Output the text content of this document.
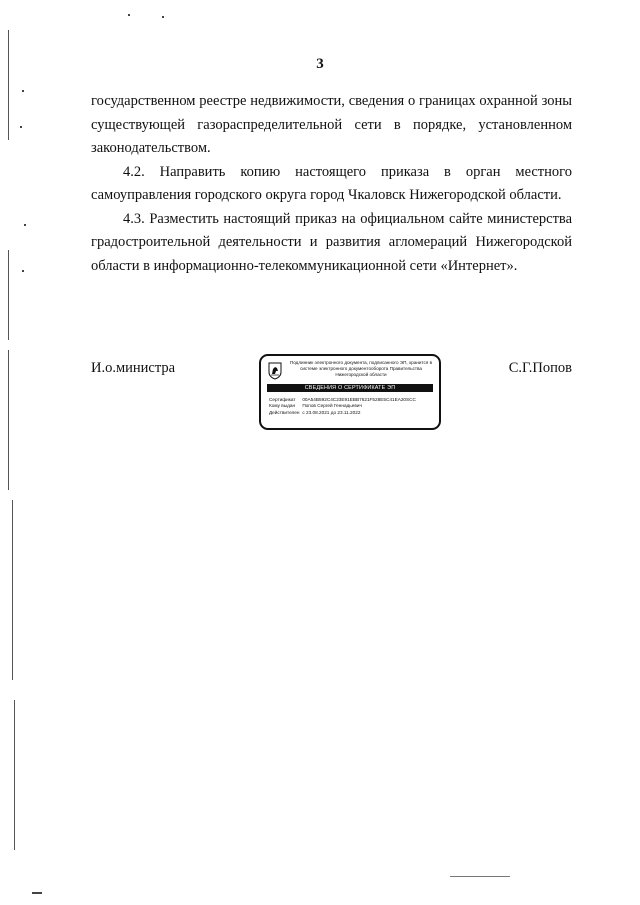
3

государственном реестре недвижимости, сведения о границах охранной зоны существующей газораспределительной сети в порядке, установленном законодательством.

4.2. Направить копию настоящего приказа в орган местного самоуправления городского округа город Чкаловск Нижегородской области.

4.3. Разместить настоящий приказ на официальном сайте министерства градостроительной деятельности и развития агломераций Нижегородской области в информационно-телекоммуникационной сети «Интернет».

И.о.министра	Подлинник электронного документа, подписанного ЭП, хранится в системе электронного документооборота Правительства Нижегородской области
СВЕДЕНИЯ О СЕРТИФИКАТЕ ЭП
Сертификат 00A54B592C4C23E91EBB7621F528E5C41EA20SCC
Кому выдан Попов Сергей Геннадьевич
Действителен с 23.08.2021 до 23.11.2022
С.Г.Попов
